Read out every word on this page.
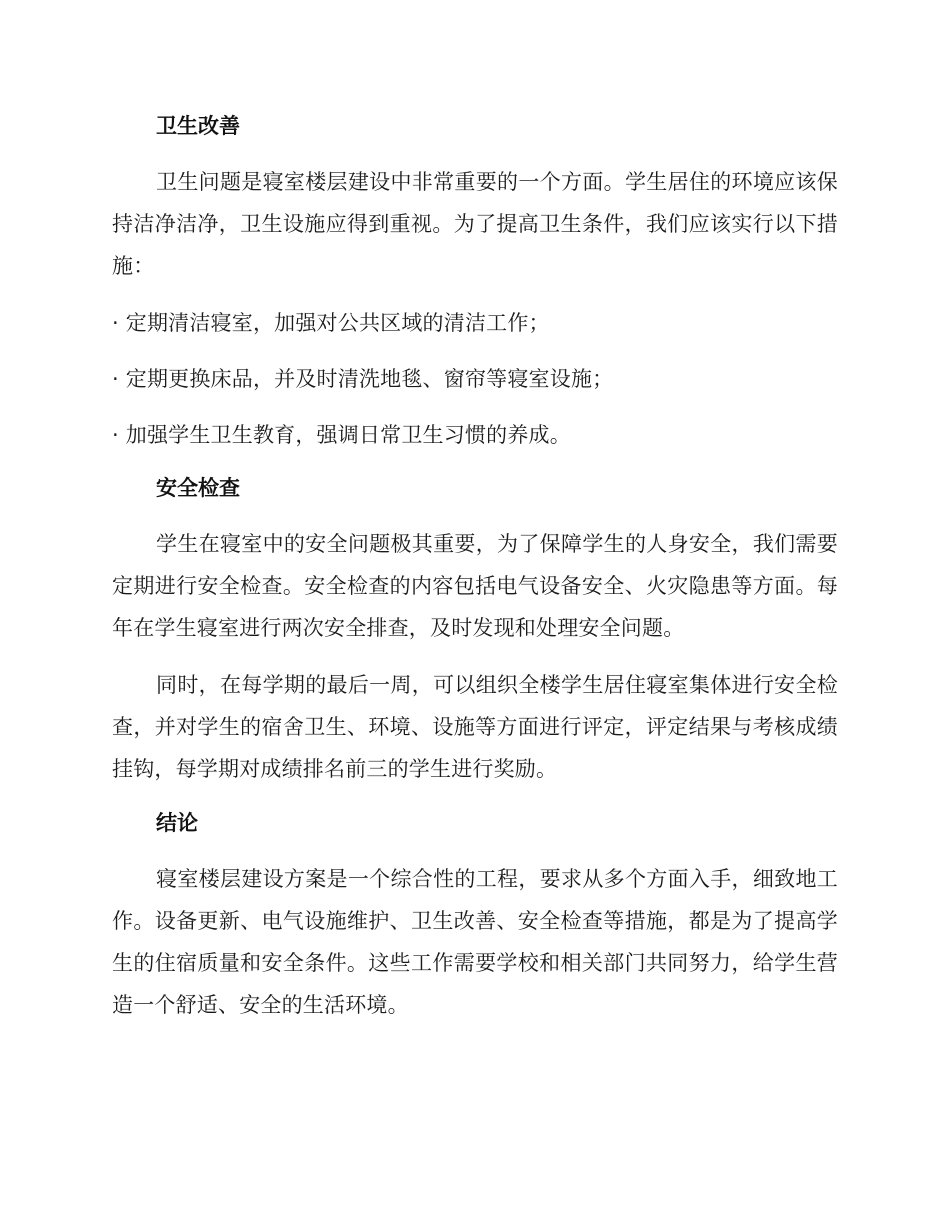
卫生改善

卫生问题是寝室楼层建设中非常重要的一个方面。学生居住的环境应该保持洁净洁净，卫生设施应得到重视。为了提高卫生条件，我们应该实行以下措施：

· 定期清洁寝室，加强对公共区域的清洁工作；

· 定期更换床品，并及时清洗地毯、窗帘等寝室设施；

· 加强学生卫生教育，强调日常卫生习惯的养成。

安全检查

学生在寝室中的安全问题极其重要，为了保障学生的人身安全，我们需要定期进行安全检查。安全检查的内容包括电气设备安全、火灾隐患等方面。每年在学生寝室进行两次安全排查，及时发现和处理安全问题。

同时，在每学期的最后一周，可以组织全楼学生居住寝室集体进行安全检查，并对学生的宿舍卫生、环境、设施等方面进行评定，评定结果与考核成绩挂钩，每学期对成绩排名前三的学生进行奖励。

结论

寝室楼层建设方案是一个综合性的工程，要求从多个方面入手，细致地工作。设备更新、电气设施维护、卫生改善、安全检查等措施，都是为了提高学生的住宿质量和安全条件。这些工作需要学校和相关部门共同努力，给学生营造一个舒适、安全的生活环境。
